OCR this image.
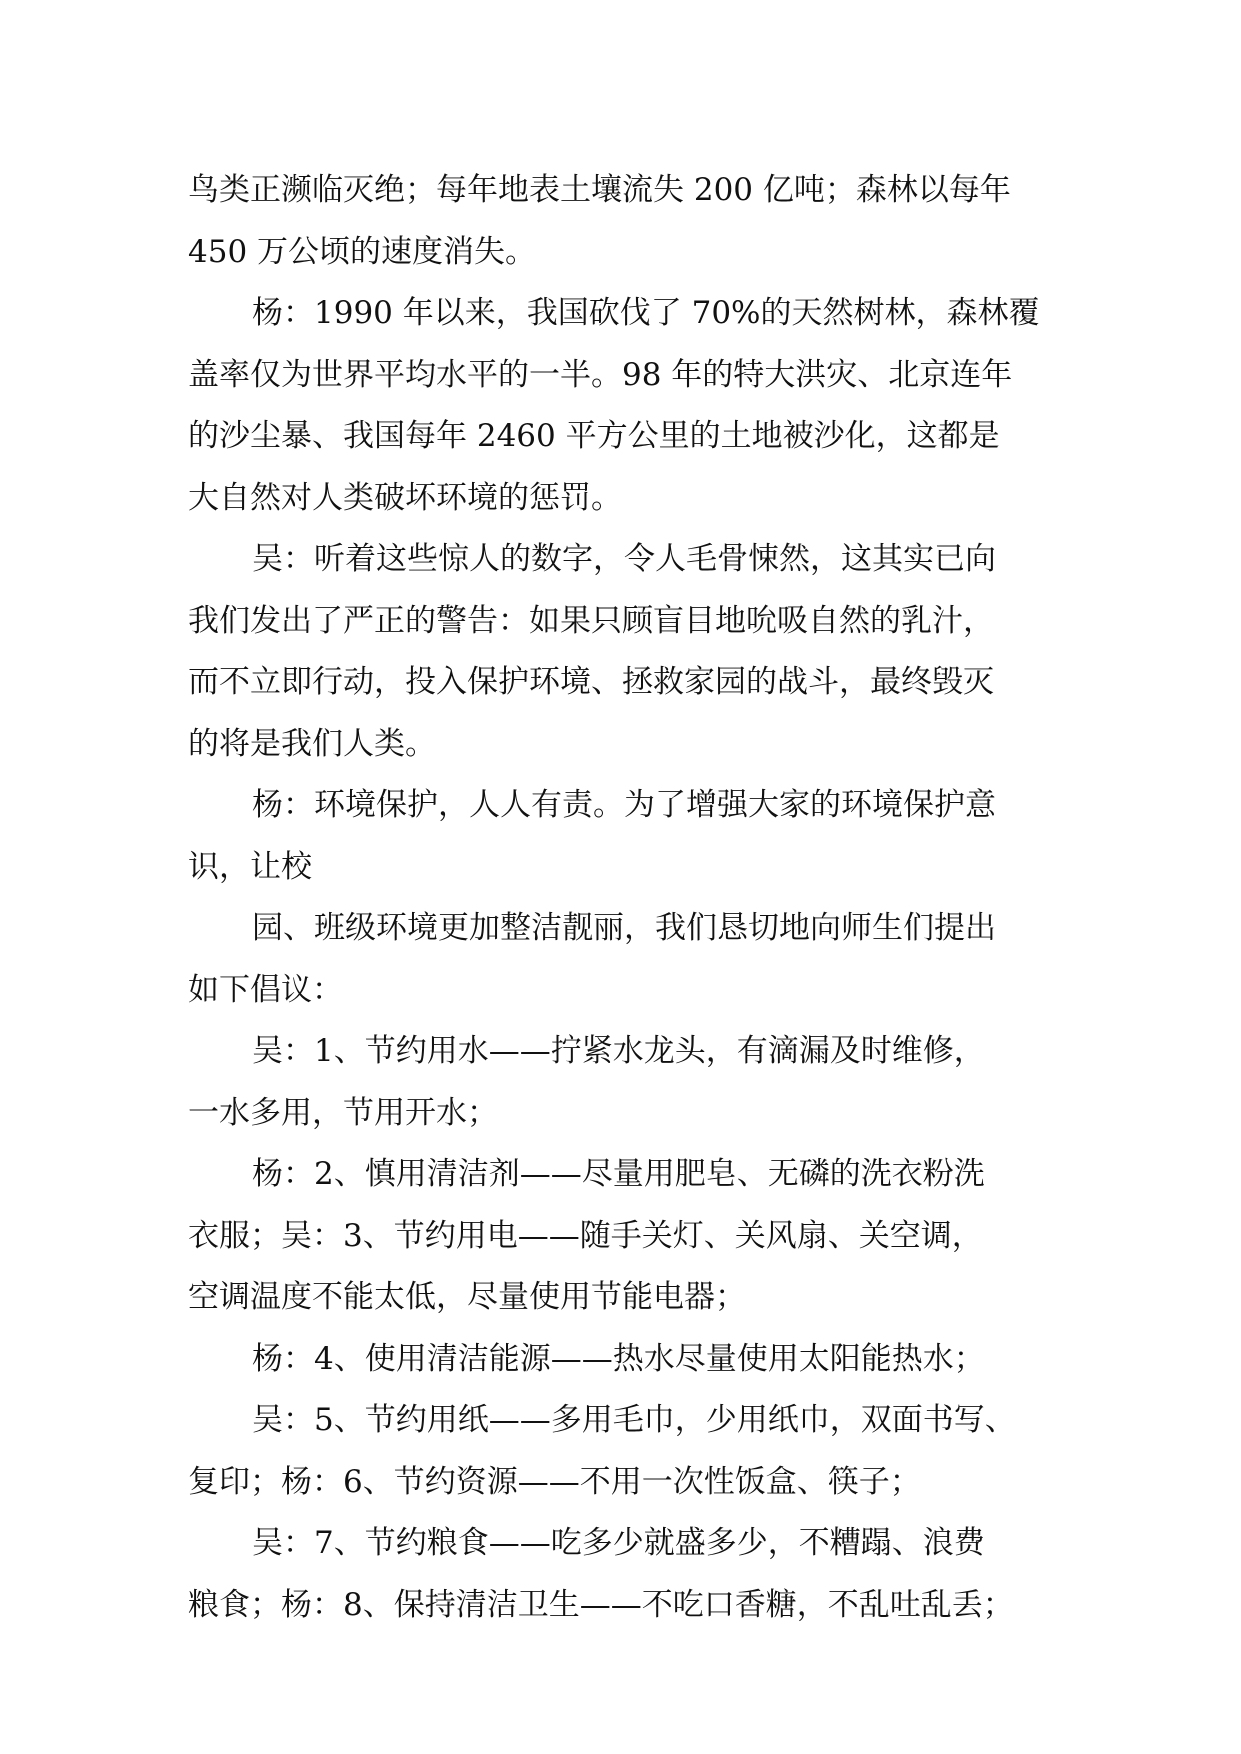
鸟类正濒临灭绝；每年地表土壤流失 200 亿吨；森林以每年
450 万公顷的速度消失。
杨：1990 年以来，我国砍伐了 70%的天然树林，森林覆
盖率仅为世界平均水平的一半。98 年的特大洪灾、北京连年
的沙尘暴、我国每年 2460 平方公里的土地被沙化，这都是
大自然对人类破坏环境的惩罚。
吴：听着这些惊人的数字，令人毛骨悚然，这其实已向
我们发出了严正的警告：如果只顾盲目地吮吸自然的乳汁，
而不立即行动，投入保护环境、拯救家园的战斗，最终毁灭
的将是我们人类。
杨：环境保护，人人有责。为了增强大家的环境保护意
识，让校
园、班级环境更加整洁靓丽，我们恳切地向师生们提出
如下倡议：
吴：1、节约用水——拧紧水龙头，有滴漏及时维修，
一水多用，节用开水；
杨：2、慎用清洁剂——尽量用肥皂、无磷的洗衣粉洗
衣服；吴：3、节约用电——随手关灯、关风扇、关空调，
空调温度不能太低，尽量使用节能电器；
杨：4、使用清洁能源——热水尽量使用太阳能热水；
吴：5、节约用纸——多用毛巾，少用纸巾，双面书写、
复印；杨：6、节约资源——不用一次性饭盒、筷子；
吴：7、节约粮食——吃多少就盛多少，不糟蹋、浪费
粮食；杨：8、保持清洁卫生——不吃口香糖，不乱吐乱丢；
